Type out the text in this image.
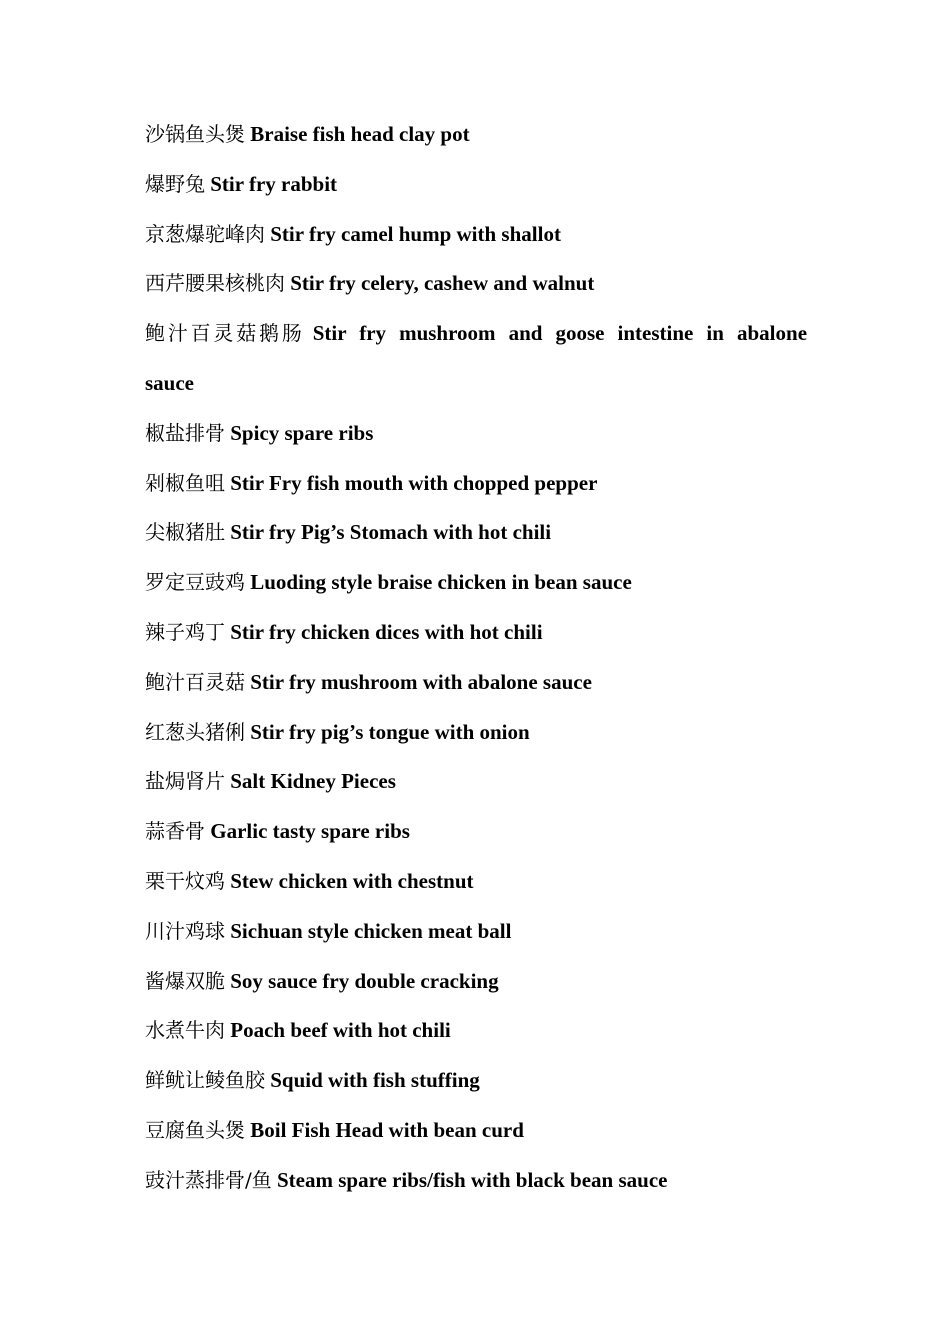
沙锅鱼头煲 Braise fish head clay pot

爆野兔 Stir fry rabbit

京葱爆驼峰肉 Stir fry camel hump with shallot

西芹腰果核桃肉 Stir fry celery, cashew and walnut

鲍汁百灵菇鹅肠 Stir fry mushroom and goose intestine in abalone sauce

椒盐排骨 Spicy spare ribs

剁椒鱼咀 Stir Fry fish mouth with chopped pepper

尖椒猪肚 Stir fry Pig’s Stomach with hot chili

罗定豆豉鸡 Luoding style braise chicken in bean sauce

辣子鸡丁 Stir fry chicken dices with hot chili

鲍汁百灵菇 Stir fry mushroom with abalone sauce

红葱头猪俐 Stir fry pig’s tongue with onion

盐焗肾片 Salt Kidney Pieces

蒜香骨 Garlic tasty spare ribs

栗干炆鸡 Stew chicken with chestnut

川汁鸡球 Sichuan style chicken meat ball

酱爆双脆 Soy sauce fry double cracking

水煮牛肉 Poach beef with hot chili

鲜鱿让鲮鱼胶 Squid with fish stuffing

豆腐鱼头煲 Boil Fish Head with bean curd

豉汁蒸排骨/鱼 Steam spare ribs/fish with black bean sauce
